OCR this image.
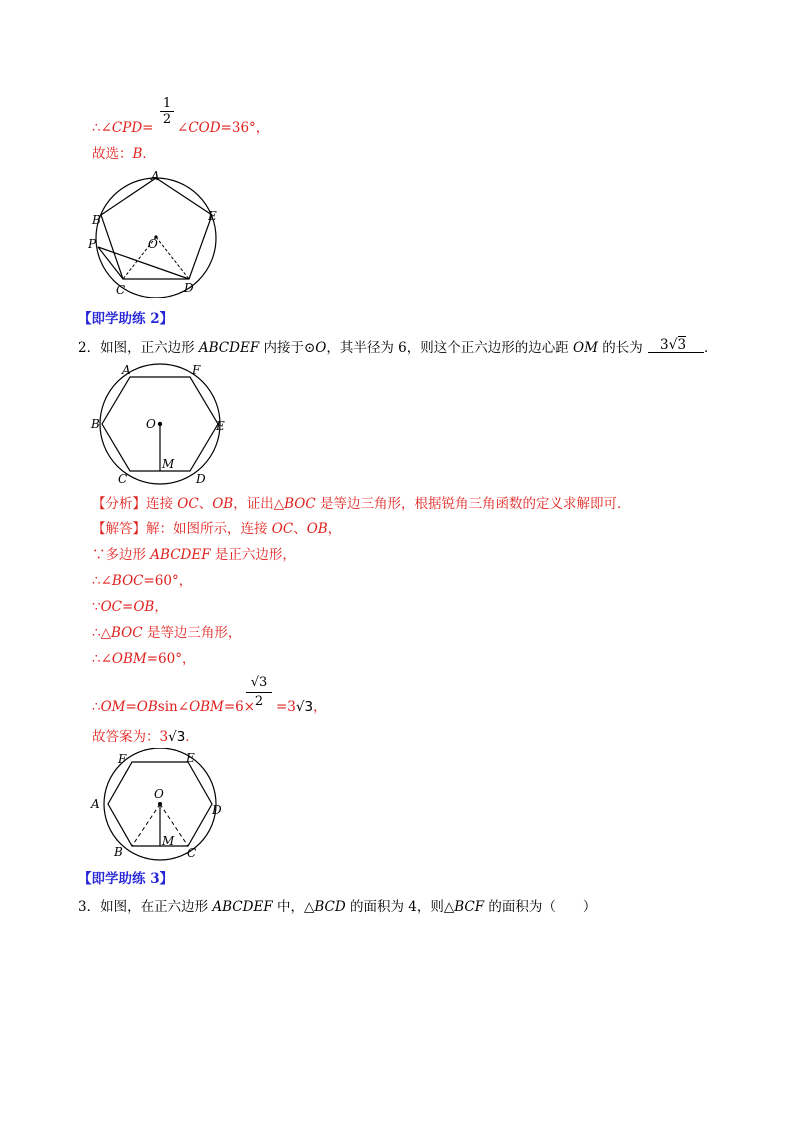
∴∠CPD= $\frac{1}{2}$ ∠COD=36°，
故选：B．
A
B
P
C	D
E
O
【即学助练 2】
2．如图，正六边形 ABCDEF 内接于⊙O，其半径为 6，则这个正六边形的边心距 OM 的长为 3√3 ．
A	F
B	E
C	D
O
M
【分析】连接 OC、OB，证出△BOC 是等边三角形，根据锐角三角函数的定义求解即可．
【解答】解：如图所示，连接 OC、OB，
∵多边形 ABCDEF 是正六边形，
∴∠BOC=60°，
∵OC=OB，
∴△BOC 是等边三角形，
∴∠OBM=60°，
∴OM=OBsin∠OBM=6×
$\frac{√3}{2} =3√3$，
故答案为：3√3．
F	E
A	D
B	C
O
M
【即学助练 3】
3．如图，在正六边形 ABCDEF 中，△BCD 的面积为 4，则△BCF 的面积为（　　）
